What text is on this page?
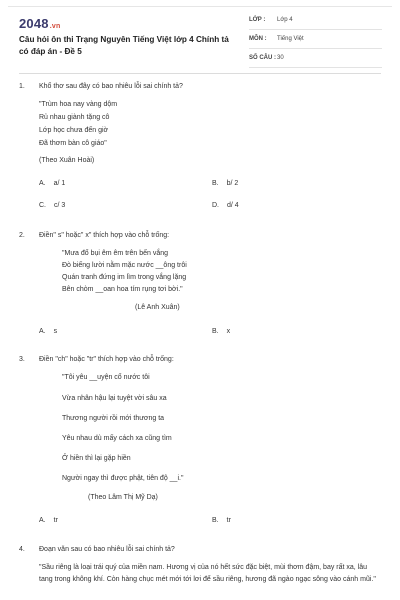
2048.vn
Câu hỏi ôn thi Trạng Nguyên Tiếng Việt lớp 4 Chính tả có đáp án - Đề 5
LỚP : Lớp 4
MÔN : Tiếng Việt
SỐ CÂU : 30
1. Khổ thơ sau đây có bao nhiêu lỗi sai chính tả?
"Trùm hoa nay vàng dộm
Rủ nhau giành tặng cô
Lớp học chưa đến giờ
Đã thơm bàn cô giáo"
(Theo Xuân Hoài)
A. a/ 1	B. b/ 2
C. c/ 3	D. d/ 4
2. Điền" s" hoặc" x" thích hợp vào chỗ trống:
"Mưa đổ bụi êm êm trên bến vắng
Đò biếng lười nằm mặc nước __ông trôi
Quán tranh đứng im lìm trong vắng lặng
Bên chòm __oan hoa tím rụng tơi bời."
(Lê Anh Xuân)
A. s	B. x
3. Điền "ch" hoặc "tr" thích hợp vào chỗ trống:
"Tôi yêu __uyện cổ nước tôi
Vừa nhân hậu lại tuyệt vời sâu xa
Thương người rồi mới thương ta
Yêu nhau dù mấy cách xa cũng tìm
Ở hiền thì lại gặp hiền
Người ngay thì được phật, tiên độ __i."
(Theo Lâm Thị Mỹ Dạ)
A. tr	B. tr
4. Đoạn văn sau có bao nhiêu lỗi sai chính tả?
"Sầu riêng là loại trái quý của miền nam. Hương vị của nó hết sức đặc biệt, mùi thơm đậm, bay rất xa, lâu tang trong không khí. Còn hàng chục mét mới tới lơi để sầu riêng, hương đã ngào ngạc sông vào cánh mũi."
